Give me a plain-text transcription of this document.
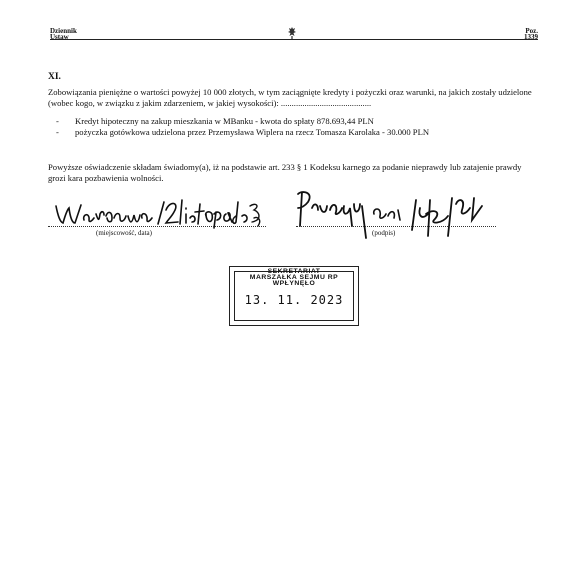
Dziennik
Ustaw
Poz.
1339
XI.
Zobowiązania pieniężne o wartości powyżej 10 000 złotych, w tym zaciągnięte kredyty i pożyczki oraz warunki, na jakich zostały udzielone (wobec kogo, w związku z jakim zdarzeniem, w jakiej wysokości): ..........................................
- Kredyt hipoteczny na zakup mieszkania w MBanku - kwota do spłaty 878.693,44 PLN
- pożyczka gotówkowa udzielona przez Przemysława Wiplera na rzecz Tomasza Karolaka - 30.000 PLN
Powyższe oświadczenie składam świadomy(a), iż na podstawie art. 233 § 1 Kodeksu karnego za podanie nieprawdy lub zatajenie prawdy grozi kara pozbawienia wolności.
(miejscowość, data)	(podpis)
SEKRETARIAT
MARSZAŁKA SEJMU RP
WPŁYNĘŁO
13. 11. 2023
